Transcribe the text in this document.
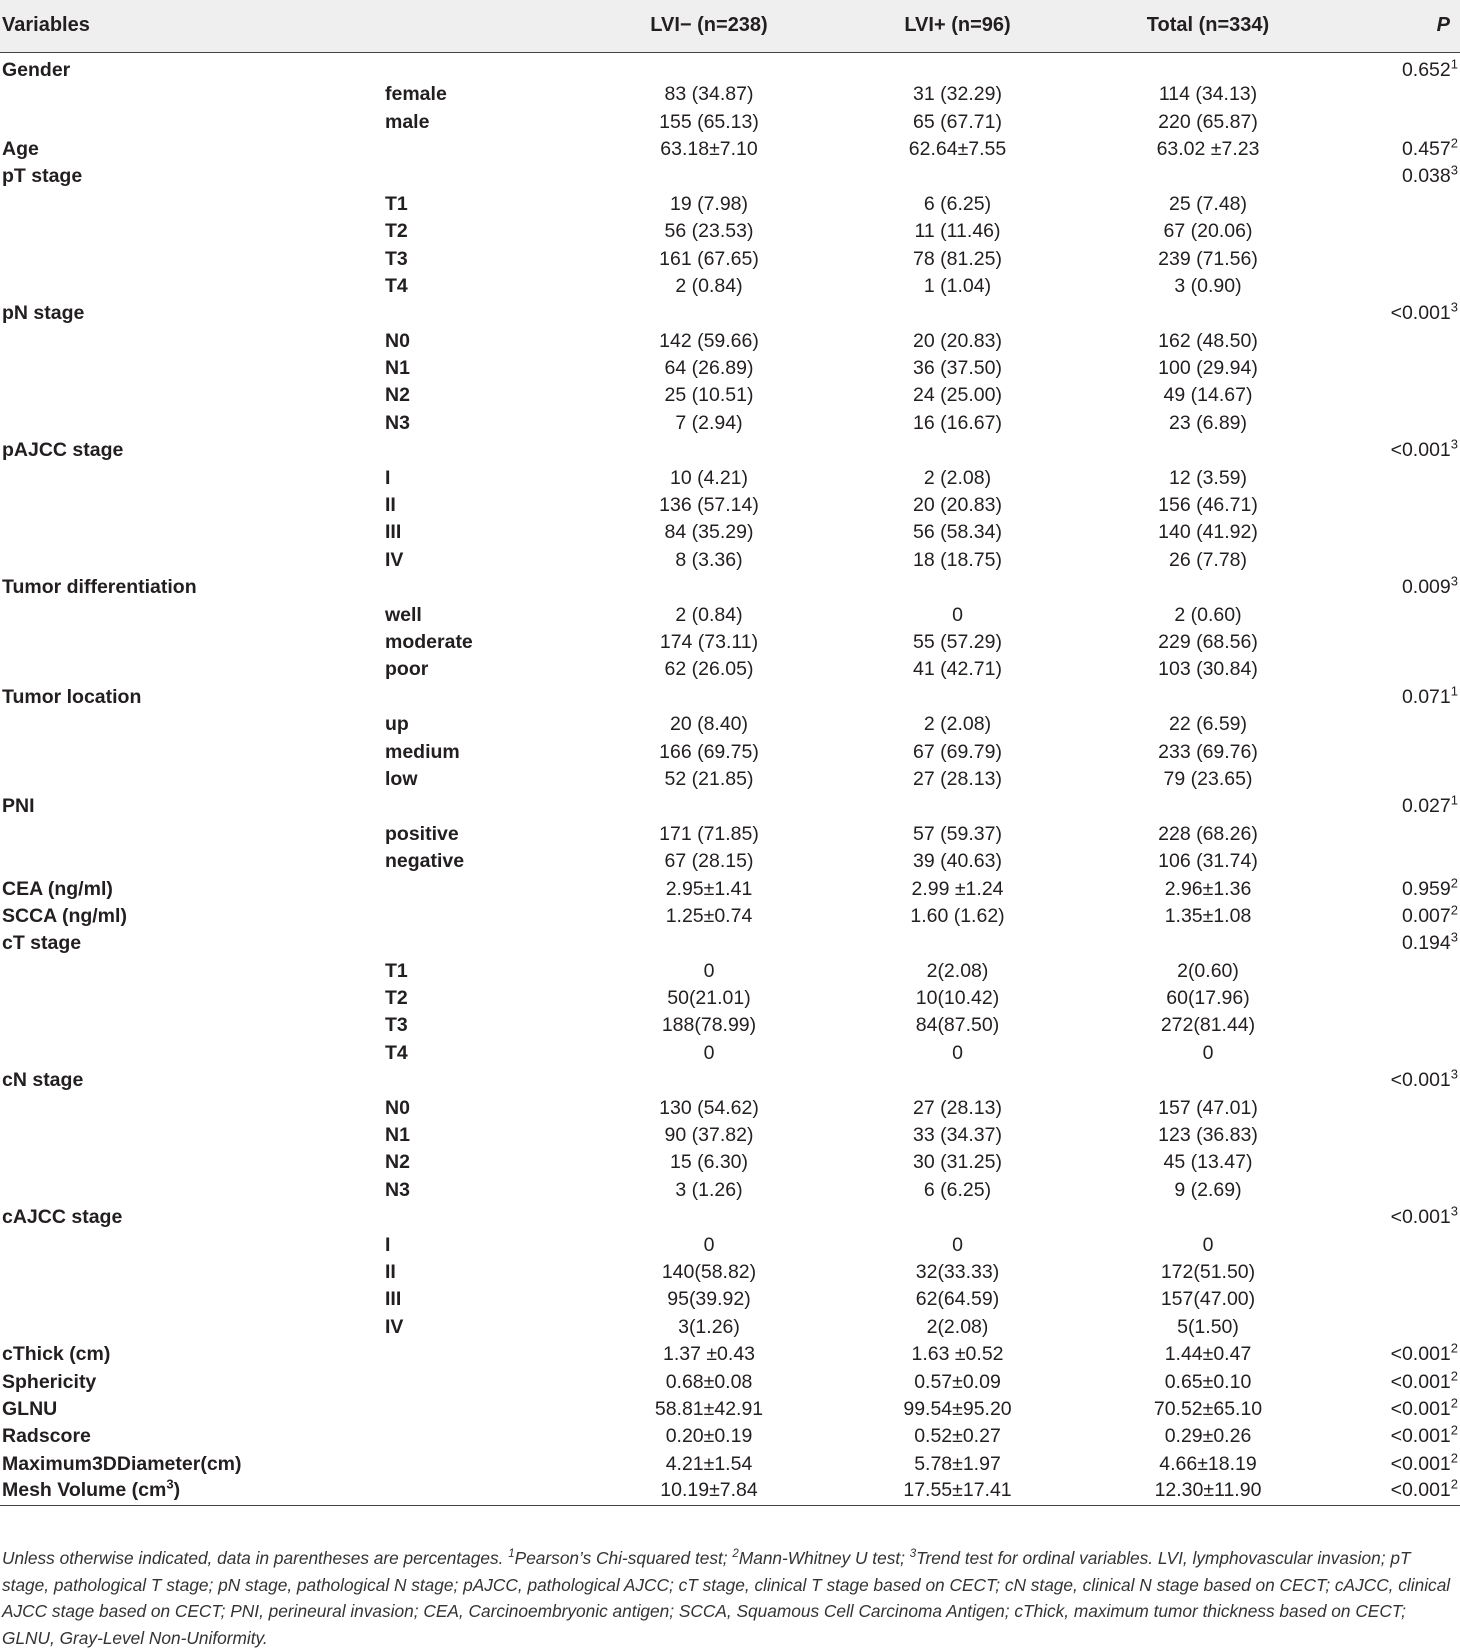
Variables		LVI− (n=238)	LVI+ (n=96)	Total (n=334)	P
Gender					0.652$^1$
	female	83 (34.87)	31 (32.29)	114 (34.13)	
	male	155 (65.13)	65 (67.71)	220 (65.87)	
Age		63.18±7.10	62.64±7.55	63.02 ±7.23	0.457$^2$
pT stage					0.038$^3$
	T1	19 (7.98)	6 (6.25)	25 (7.48)	
	T2	56 (23.53)	11 (11.46)	67 (20.06)	
	T3	161 (67.65)	78 (81.25)	239 (71.56)	
	T4	2 (0.84)	1 (1.04)	3 (0.90)	
pN stage					$<0.001^3$
	N0	142 (59.66)	20 (20.83)	162 (48.50)	
	N1	64 (26.89)	36 (37.50)	100 (29.94)	
	N2	25 (10.51)	24 (25.00)	49 (14.67)	
	N3	7 (2.94)	16 (16.67)	23 (6.89)	
pAJCC stage					$<0.001^3$
	I	10 (4.21)	2 (2.08)	12 (3.59)	
	II	136 (57.14)	20 (20.83)	156 (46.71)	
	III	84 (35.29)	56 (58.34)	140 (41.92)	
	IV	8 (3.36)	18 (18.75)	26 (7.78)	
Tumor differentiation					0.009$^3$
	well	2 (0.84)	0	2 (0.60)	
	moderate	174 (73.11)	55 (57.29)	229 (68.56)	
	poor	62 (26.05)	41 (42.71)	103 (30.84)	
Tumor location					0.071$^1$
	up	20 (8.40)	2 (2.08)	22 (6.59)	
	medium	166 (69.75)	67 (69.79)	233 (69.76)	
	low	52 (21.85)	27 (28.13)	79 (23.65)	
PNI					0.027$^1$
	positive	171 (71.85)	57 (59.37)	228 (68.26)	
	negative	67 (28.15)	39 (40.63)	106 (31.74)	
CEA (ng/ml)		2.95±1.41	2.99 ±1.24	2.96±1.36	0.959$^2$
SCCA (ng/ml)		1.25±0.74	1.60 (1.62)	1.35±1.08	0.007$^2$
cT stage					0.194$^3$
	T1	0	2(2.08)	2(0.60)	
	T2	50(21.01)	10(10.42)	60(17.96)	
	T3	188(78.99)	84(87.50)	272(81.44)	
	T4	0	0	0	
cN stage					$<0.001^3$
	N0	130 (54.62)	27 (28.13)	157 (47.01)	
	N1	90 (37.82)	33 (34.37)	123 (36.83)	
	N2	15 (6.30)	30 (31.25)	45 (13.47)	
	N3	3 (1.26)	6 (6.25)	9 (2.69)	
cAJCC stage					$<0.001^3$
	I	0	0	0	
	II	140(58.82)	32(33.33)	172(51.50)	
	III	95(39.92)	62(64.59)	157(47.00)	
	IV	3(1.26)	2(2.08)	5(1.50)	
cThick (cm)		1.37 ±0.43	1.63 ±0.52	1.44±0.47	$<0.001^2$
Sphericity		0.68±0.08	0.57±0.09	0.65±0.10	$<0.001^2$
GLNU		58.81±42.91	99.54±95.20	70.52±65.10	$<0.001^2$
Radscore		0.20±0.19	0.52±0.27	0.29±0.26	$<0.001^2$
Maximum3DDiameter(cm)		4.21±1.54	5.78±1.97	4.66±18.19	$<0.001^2$
Mesh Volume $(cm^3)$		10.19±7.84	17.55±17.41	12.30±11.90	$<0.001^2$
Unless otherwise indicated, data in parentheses are percentages. $^1$Pearson’s Chi-squared test; $^2$Mann-Whitney U test; $^3$Trend test for ordinal variables. LVI, lymphovascular invasion; pT stage, pathological T stage; pN stage, pathological N stage; pAJCC, pathological AJCC; cT stage, clinical T stage based on CECT; cN stage, clinical N stage based on CECT; cAJCC, clinical AJCC stage based on CECT; PNI, perineural invasion; CEA, Carcinoembryonic antigen; SCCA, Squamous Cell Carcinoma Antigen; cThick, maximum tumor thickness based on CECT; GLNU, Gray-Level Non-Uniformity.
